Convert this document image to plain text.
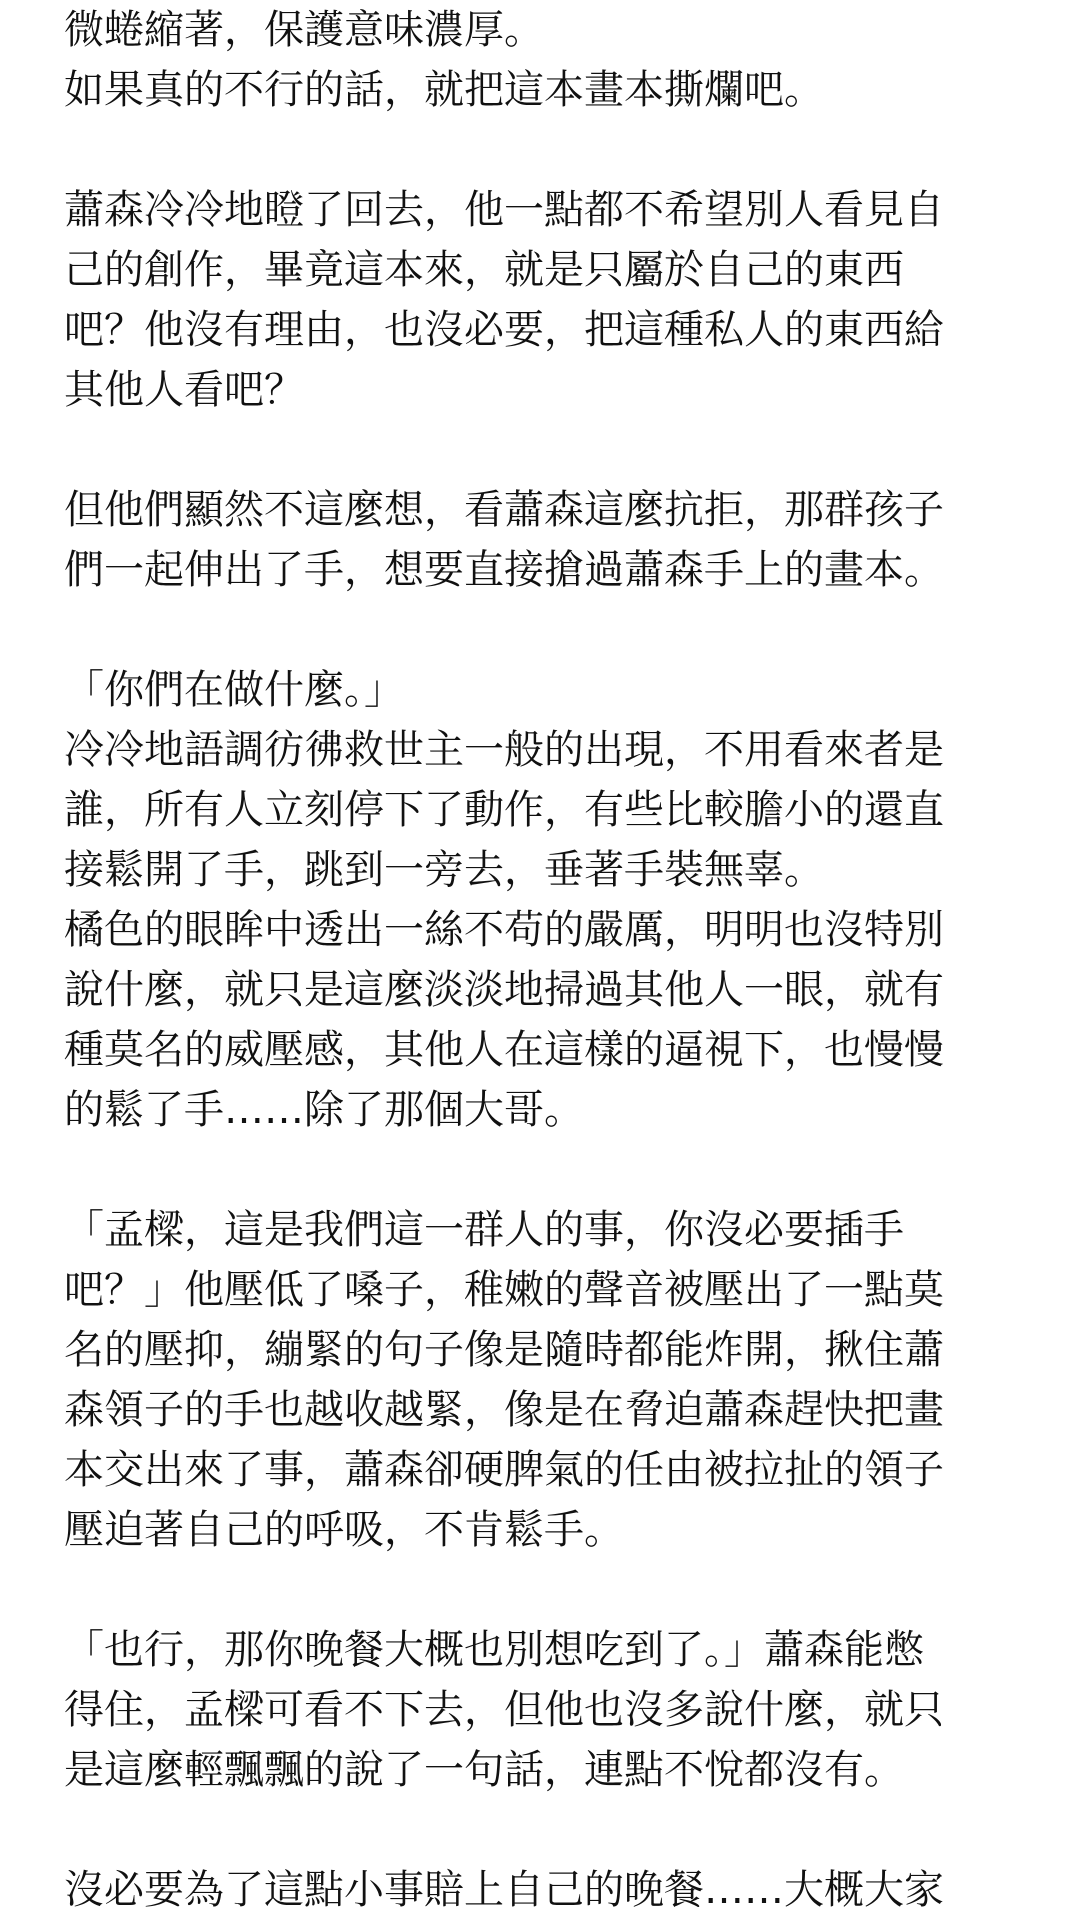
微蜷縮著，保護意味濃厚。
如果真的不行的話，就把這本畫本撕爛吧。
蕭森冷冷地瞪了回去，他一點都不希望別人看見自
己的創作，畢竟這本來，就是只屬於自己的東西
吧？他沒有理由，也沒必要，把這種私人的東西給
其他人看吧？
但他們顯然不這麼想，看蕭森這麼抗拒，那群孩子
們一起伸出了手，想要直接搶過蕭森手上的畫本。
「你們在做什麼。」
冷冷地語調彷彿救世主一般的出現，不用看來者是
誰，所有人立刻停下了動作，有些比較膽小的還直
接鬆開了手，跳到一旁去，垂著手裝無辜。
橘色的眼眸中透出一絲不苟的嚴厲，明明也沒特別
說什麼，就只是這麼淡淡地掃過其他人一眼，就有
種莫名的威壓感，其他人在這樣的逼視下，也慢慢
的鬆了手……除了那個大哥。
「孟樑，這是我們這一群人的事，你沒必要插手
吧？」他壓低了嗓子，稚嫩的聲音被壓出了一點莫
名的壓抑，繃緊的句子像是隨時都能炸開，揪住蕭
森領子的手也越收越緊，像是在脅迫蕭森趕快把畫
本交出來了事，蕭森卻硬脾氣的任由被拉扯的領子
壓迫著自己的呼吸，不肯鬆手。
「也行，那你晚餐大概也別想吃到了。」蕭森能憋
得住，孟樑可看不下去，但他也沒多說什麼，就只
是這麼輕飄飄的說了一句話，連點不悅都沒有。
沒必要為了這點小事賠上自己的晚餐……大概大家
